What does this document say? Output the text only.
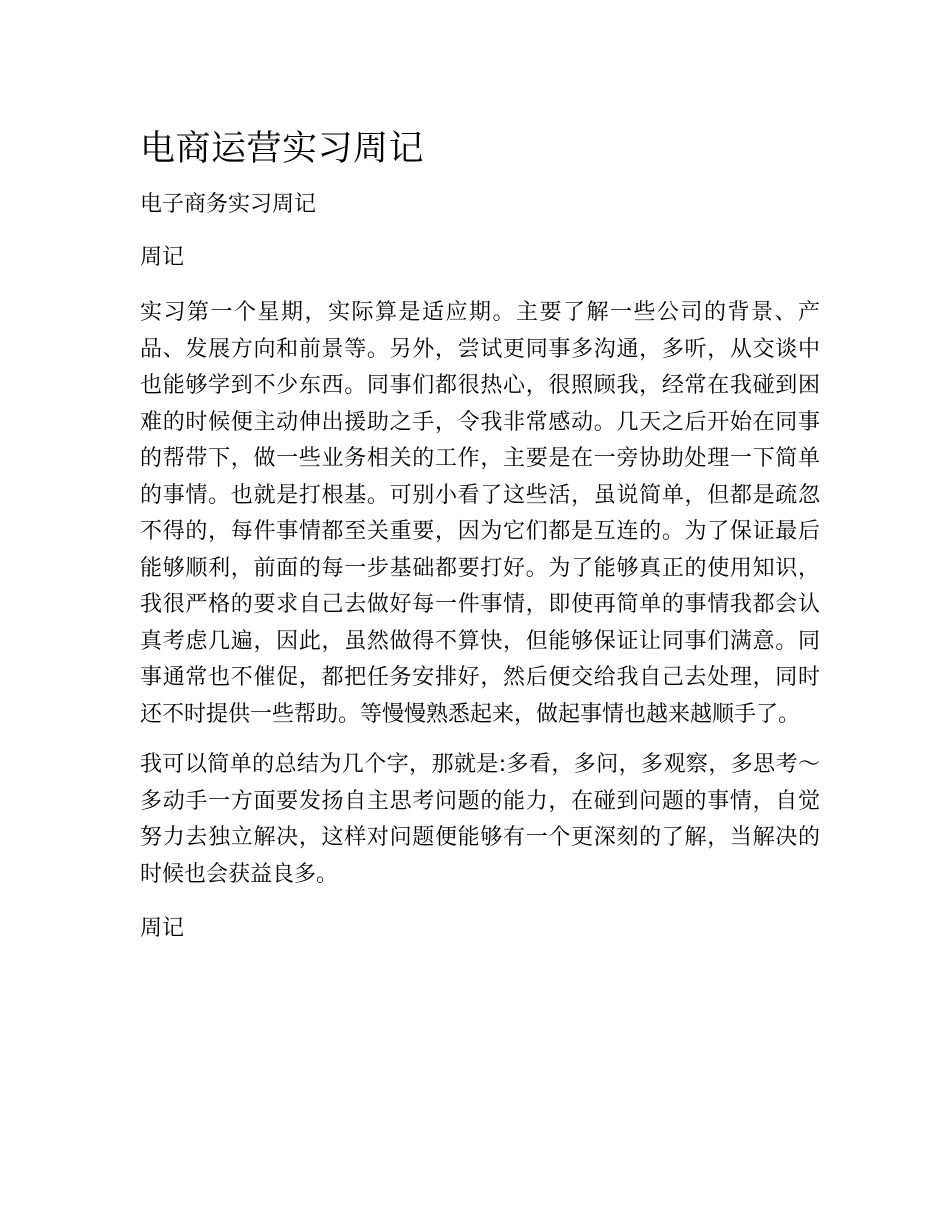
电商运营实习周记
电子商务实习周记
周记

实习第一个星期，实际算是适应期。主要了解一些公司的背景、产品、发展方向和前景等。另外，尝试更同事多沟通，多听，从交谈中也能够学到不少东西。同事们都很热心，很照顾我，经常在我碰到困难的时候便主动伸出援助之手，令我非常感动。几天之后开始在同事的帮带下，做一些业务相关的工作，主要是在一旁协助处理一下简单的事情。也就是打根基。可别小看了这些活，虽说简单，但都是疏忽不得的，每件事情都至关重要，因为它们都是互连的。为了保证最后能够顺利，前面的每一步基础都要打好。为了能够真正的使用知识，我很严格的要求自己去做好每一件事情，即使再简单的事情我都会认真考虑几遍，因此，虽然做得不算快，但能够保证让同事们满意。同事通常也不催促，都把任务安排好，然后便交给我自己去处理，同时还不时提供一些帮助。等慢慢熟悉起来，做起事情也越来越顺手了。

我可以简单的总结为几个字，那就是:多看，多问，多观察，多思考～多动手一方面要发扬自主思考问题的能力，在碰到问题的事情，自觉努力去独立解决，这样对问题便能够有一个更深刻的了解，当解决的时候也会获益良多。

周记
